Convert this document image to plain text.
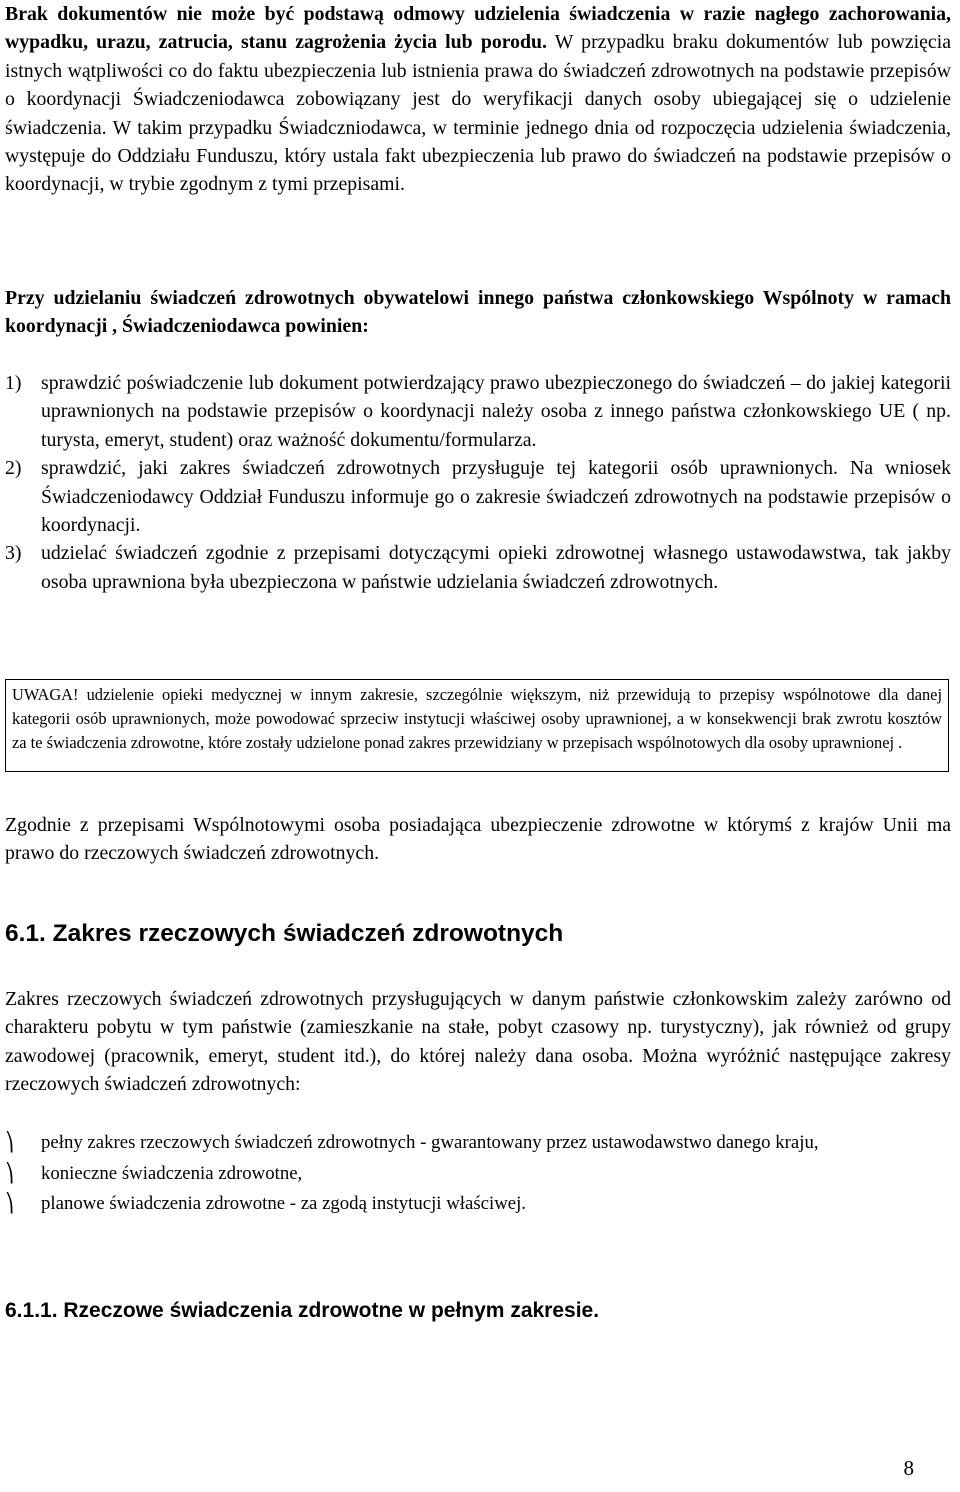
Brak dokumentów nie może być podstawą odmowy udzielenia świadczenia w razie nagłego zachorowania, wypadku, urazu, zatrucia, stanu zagrożenia życia lub porodu. W przypadku braku dokumentów lub powzięcia istnych wątpliwości co do faktu ubezpieczenia lub istnienia prawa do świadczeń zdrowotnych na podstawie przepisów o koordynacji Świadczeniodawca zobowiązany jest do weryfikacji danych osoby ubiegającej się o udzielenie świadczenia. W takim przypadku Świadczniodawca, w terminie jednego dnia od rozpoczęcia udzielenia świadczenia, występuje do Oddziału Funduszu, który ustala fakt ubezpieczenia lub prawo do świadczeń na podstawie przepisów o koordynacji, w trybie zgodnym z tymi przepisami.

Przy udzielaniu świadczeń zdrowotnych obywatelowi innego państwa członkowskiego Wspólnoty w ramach koordynacji , Świadczeniodawca powinien:

1) sprawdzić poświadczenie lub dokument potwierdzający prawo ubezpieczonego do świadczeń – do jakiej kategorii uprawnionych na podstawie przepisów o koordynacji należy osoba z innego państwa członkowskiego UE ( np. turysta, emeryt, student) oraz ważność dokumentu/formularza.
2) sprawdzić, jaki zakres świadczeń zdrowotnych przysługuje tej kategorii osób uprawnionych. Na wniosek Świadczeniodawcy Oddział Funduszu informuje go o zakresie świadczeń zdrowotnych na podstawie przepisów o koordynacji.
3) udzielać świadczeń zgodnie z przepisami dotyczącymi opieki zdrowotnej własnego ustawodawstwa, tak jakby osoba uprawniona była ubezpieczona w państwie udzielania świadczeń zdrowotnych.
UWAGA! udzielenie opieki medycznej w innym zakresie, szczególnie większym, niż przewidują to przepisy wspólnotowe dla danej kategorii osób uprawnionych, może powodować sprzeciw instytucji właściwej osoby uprawnionej, a w konsekwencji brak zwrotu kosztów za te świadczenia zdrowotne, które zostały udzielone ponad zakres przewidziany w przepisach wspólnotowych dla osoby uprawnionej .

Zgodnie z przepisami Wspólnotowymi osoba posiadająca ubezpieczenie zdrowotne w którymś z krajów Unii ma prawo do rzeczowych świadczeń zdrowotnych.

6.1. Zakres rzeczowych świadczeń zdrowotnych

Zakres rzeczowych świadczeń zdrowotnych przysługujących w danym państwie członkowskim zależy zarówno od charakteru pobytu w tym państwie (zamieszkanie na stałe, pobyt czasowy np. turystyczny), jak również od grupy zawodowej (pracownik, emeryt, student itd.), do której należy dana osoba. Można wyróżnić następujące zakresy rzeczowych świadczeń zdrowotnych:

⎞ pełny zakres rzeczowych świadczeń zdrowotnych - gwarantowany przez ustawodawstwo danego kraju,
⎞ konieczne świadczenia zdrowotne,
⎞ planowe świadczenia zdrowotne - za zgodą instytucji właściwej.
6.1.1. Rzeczowe świadczenia zdrowotne w pełnym zakresie.
8
